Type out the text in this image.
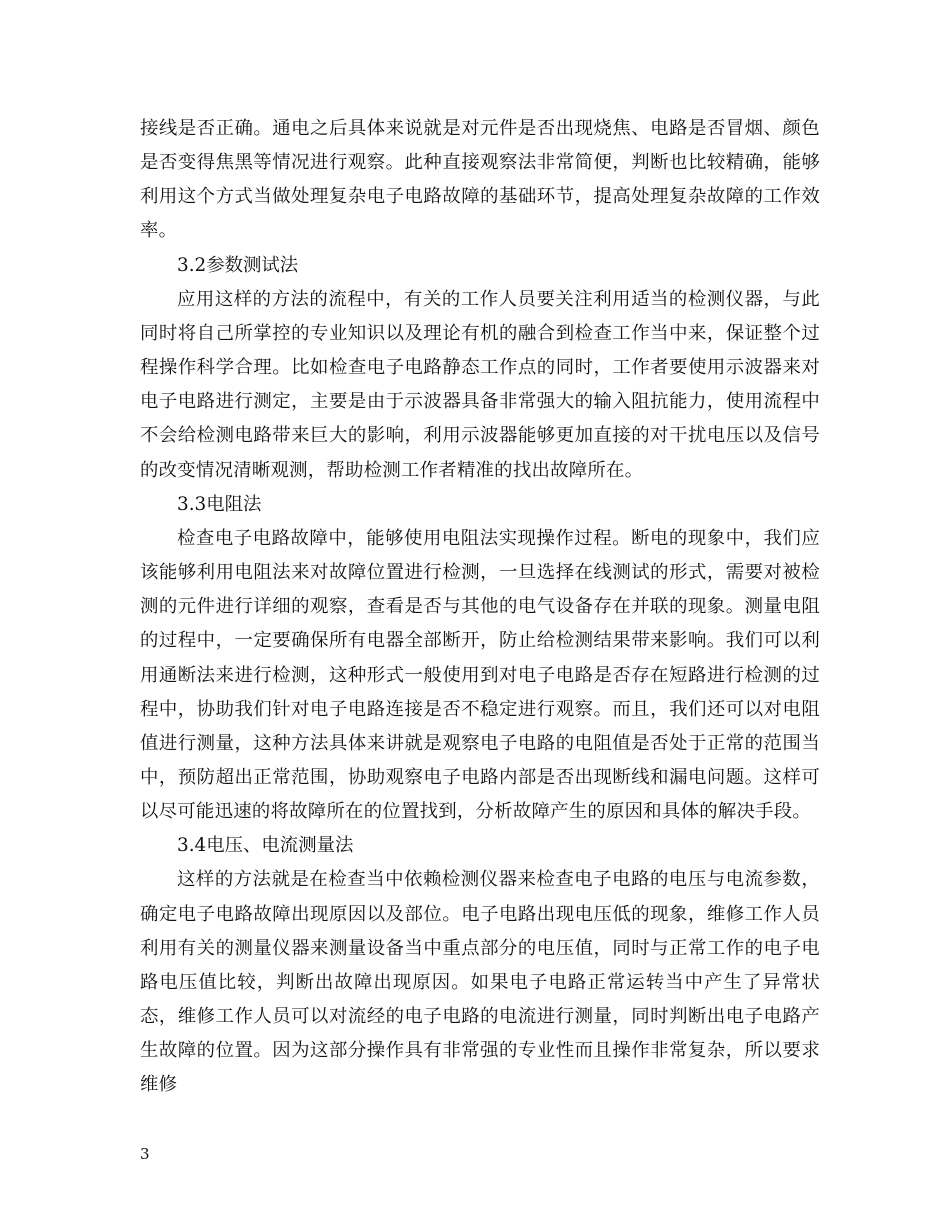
接线是否正确。通电之后具体来说就是对元件是否出现烧焦、电路是否冒烟、颜色是否变得焦黑等情况进行观察。此种直接观察法非常简便，判断也比较精确，能够利用这个方式当做处理复杂电子电路故障的基础环节，提高处理复杂故障的工作效率。

3.2参数测试法

应用这样的方法的流程中，有关的工作人员要关注利用适当的检测仪器，与此同时将自己所掌控的专业知识以及理论有机的融合到检查工作当中来，保证整个过程操作科学合理。比如检查电子电路静态工作点的同时，工作者要使用示波器来对电子电路进行测定，主要是由于示波器具备非常强大的输入阻抗能力，使用流程中不会给检测电路带来巨大的影响，利用示波器能够更加直接的对干扰电压以及信号的改变情况清晰观测，帮助检测工作者精准的找出故障所在。

3.3电阻法

检查电子电路故障中，能够使用电阻法实现操作过程。断电的现象中，我们应该能够利用电阻法来对故障位置进行检测，一旦选择在线测试的形式，需要对被检测的元件进行详细的观察，查看是否与其他的电气设备存在并联的现象。测量电阻的过程中，一定要确保所有电器全部断开，防止给检测结果带来影响。我们可以利用通断法来进行检测，这种形式一般使用到对电子电路是否存在短路进行检测的过程中，协助我们针对电子电路连接是否不稳定进行观察。而且，我们还可以对电阻值进行测量，这种方法具体来讲就是观察电子电路的电阻值是否处于正常的范围当中，预防超出正常范围，协助观察电子电路内部是否出现断线和漏电问题。这样可以尽可能迅速的将故障所在的位置找到，分析故障产生的原因和具体的解决手段。

3.4电压、电流测量法

这样的方法就是在检查当中依赖检测仪器来检查电子电路的电压与电流参数，确定电子电路故障出现原因以及部位。电子电路出现电压低的现象，维修工作人员利用有关的测量仪器来测量设备当中重点部分的电压值，同时与正常工作的电子电路电压值比较，判断出故障出现原因。如果电子电路正常运转当中产生了异常状态，维修工作人员可以对流经的电子电路的电流进行测量，同时判断出电子电路产生故障的位置。因为这部分操作具有非常强的专业性而且操作非常复杂，所以要求维修

3
